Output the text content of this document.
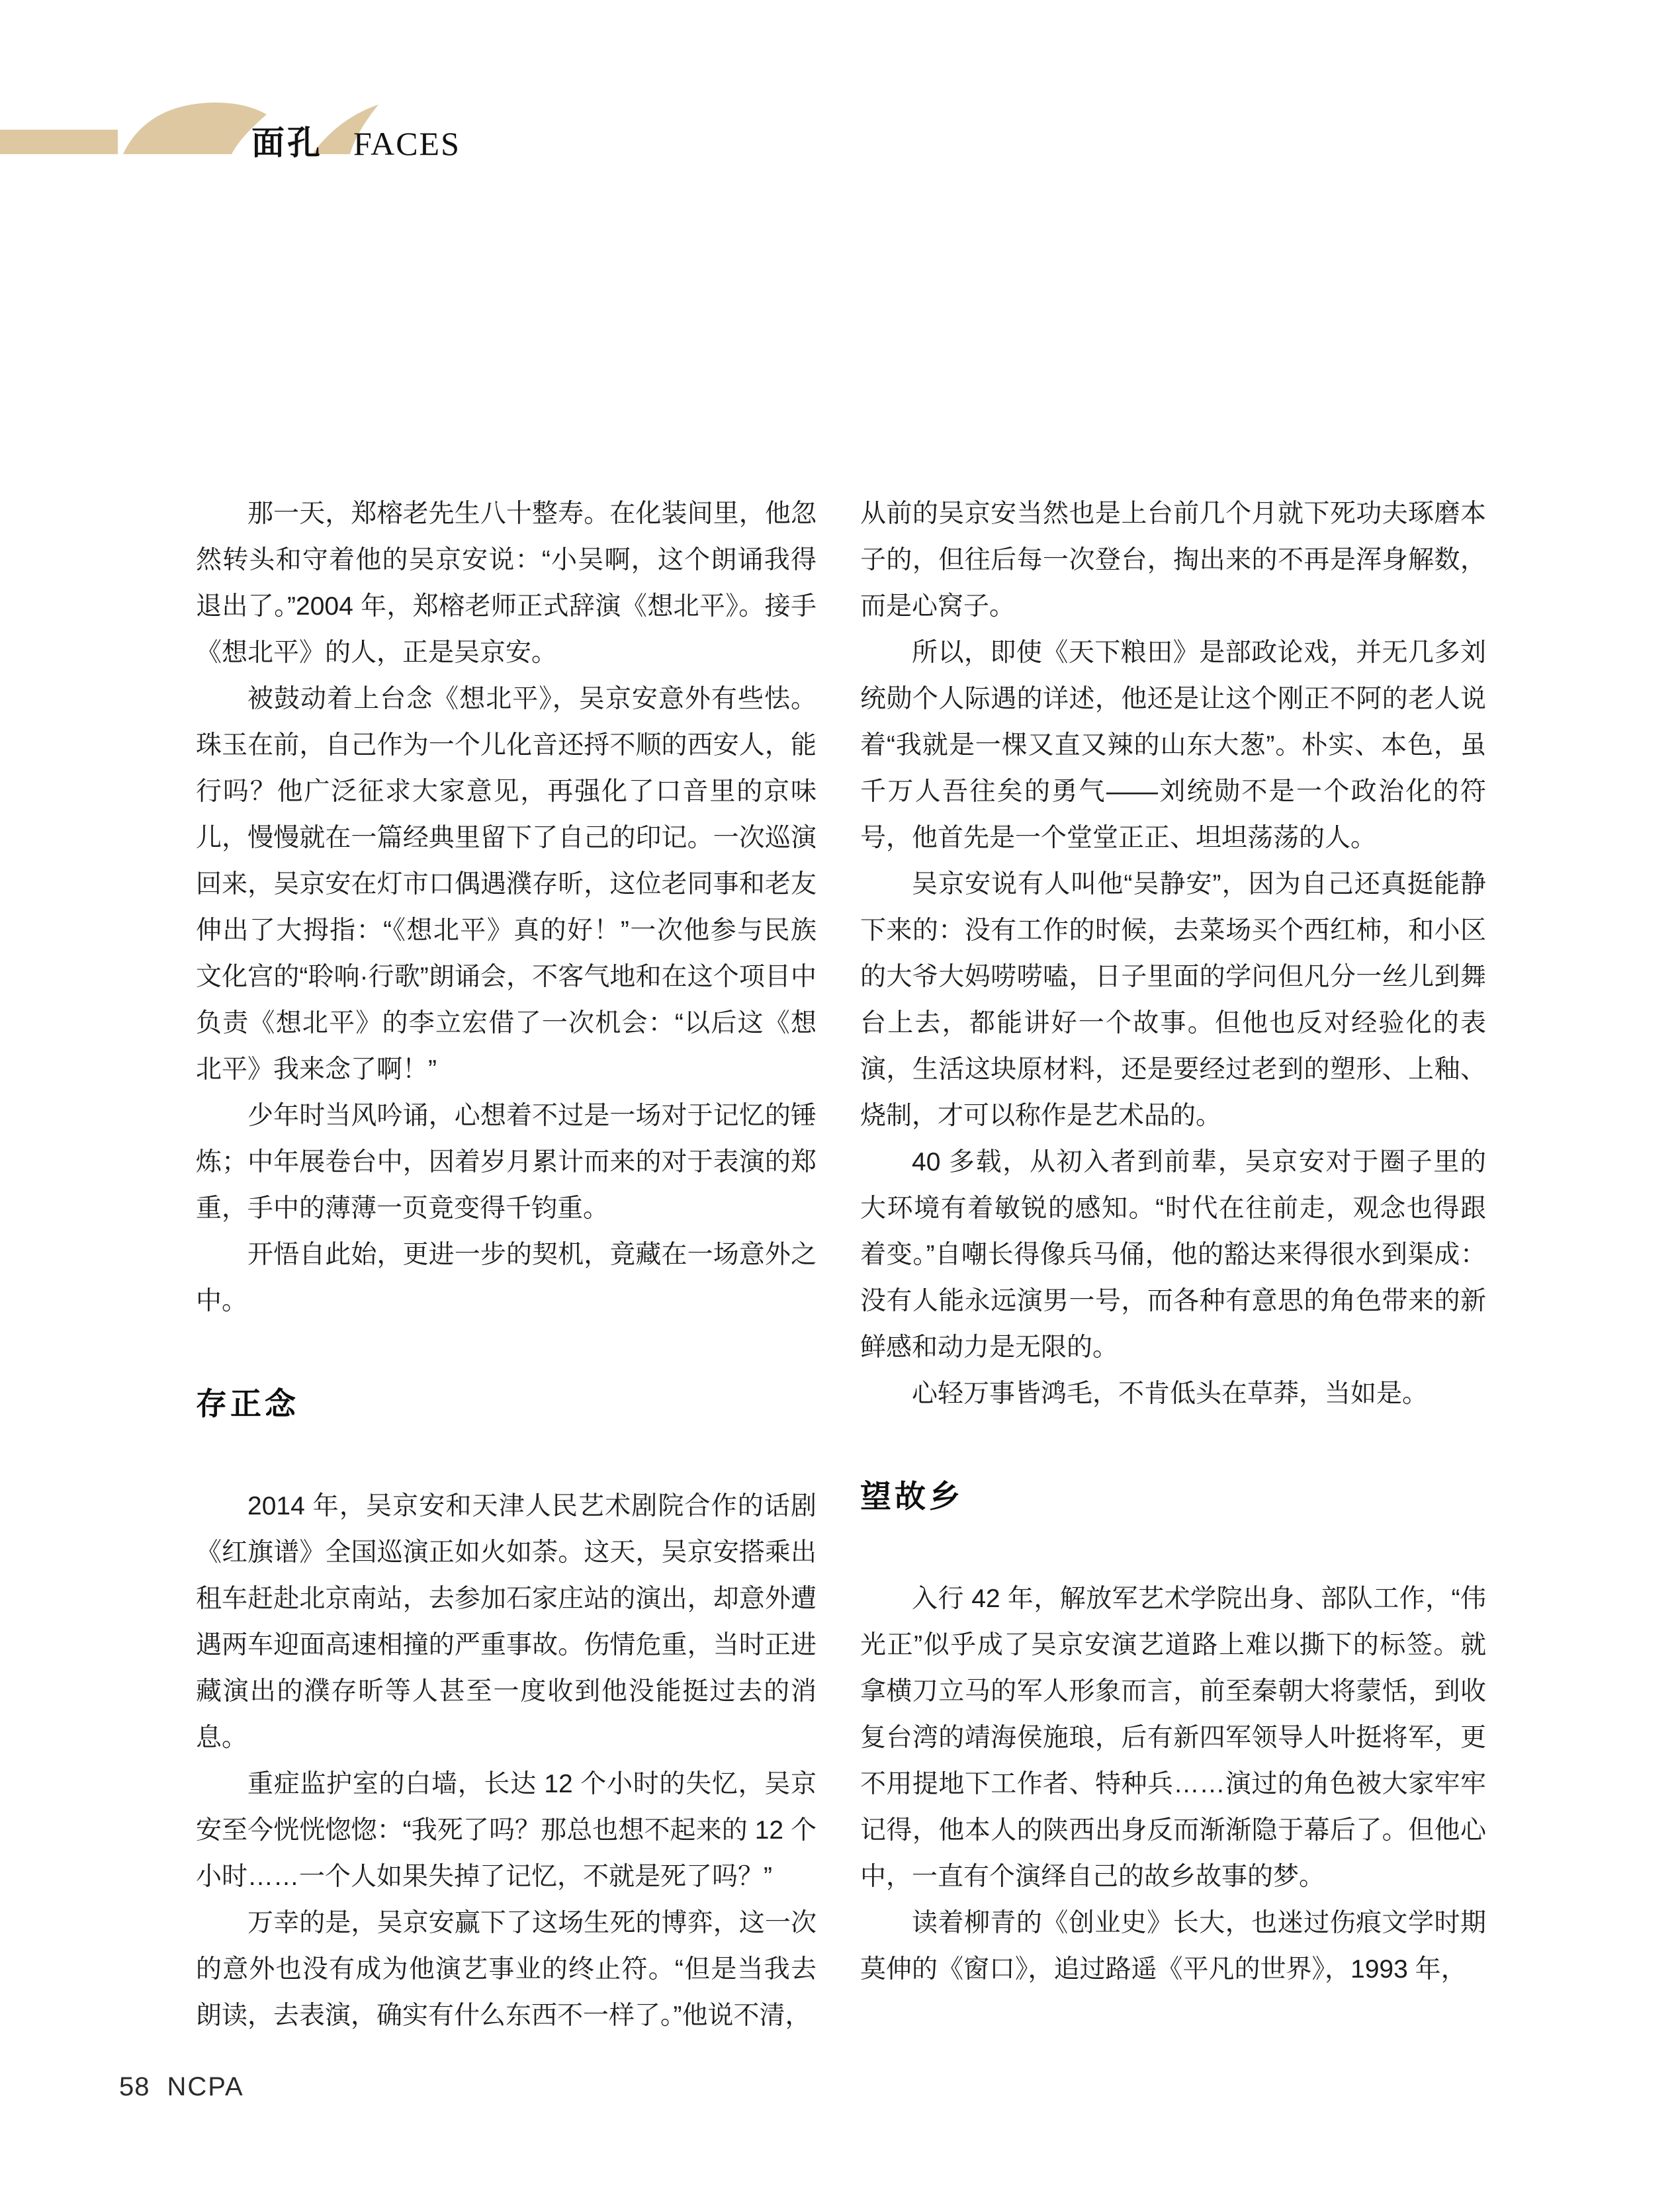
面孔 FACES

那一天，郑榕老先生八十整寿。在化装间里，他忽然转头和守着他的吴京安说：“小吴啊，这个朗诵我得退出了。”2004 年，郑榕老师正式辞演《想北平》。接手《想北平》的人，正是吴京安。

被鼓动着上台念《想北平》，吴京安意外有些怯。珠玉在前，自己作为一个儿化音还捋不顺的西安人，能行吗？他广泛征求大家意见，再强化了口音里的京味儿，慢慢就在一篇经典里留下了自己的印记。一次巡演回来，吴京安在灯市口偶遇濮存昕，这位老同事和老友伸出了大拇指：“《想北平》真的好！”一次他参与民族文化宫的“聆响·行歌”朗诵会，不客气地和在这个项目中负责《想北平》的李立宏借了一次机会：“以后这《想北平》我来念了啊！”

少年时当风吟诵，心想着不过是一场对于记忆的锤炼；中年展卷台中，因着岁月累计而来的对于表演的郑重，手中的薄薄一页竟变得千钧重。

开悟自此始，更进一步的契机，竟藏在一场意外之中。

存正念

2014 年，吴京安和天津人民艺术剧院合作的话剧《红旗谱》全国巡演正如火如荼。这天，吴京安搭乘出租车赶赴北京南站，去参加石家庄站的演出，却意外遭遇两车迎面高速相撞的严重事故。伤情危重，当时正进藏演出的濮存昕等人甚至一度收到他没能挺过去的消息。

重症监护室的白墙，长达 12 个小时的失忆，吴京安至今恍恍惚惚：“我死了吗？那总也想不起来的 12 个小时……一个人如果失掉了记忆，不就是死了吗？”

万幸的是，吴京安赢下了这场生死的博弈，这一次的意外也没有成为他演艺事业的终止符。“但是当我去朗读，去表演，确实有什么东西不一样了。”他说不清，

从前的吴京安当然也是上台前几个月就下死功夫琢磨本子的，但往后每一次登台，掏出来的不再是浑身解数，而是心窝子。

所以，即使《天下粮田》是部政论戏，并无几多刘统勋个人际遇的详述，他还是让这个刚正不阿的老人说着“我就是一棵又直又辣的山东大葱”。朴实、本色，虽千万人吾往矣的勇气——刘统勋不是一个政治化的符号，他首先是一个堂堂正正、坦坦荡荡的人。

吴京安说有人叫他“吴静安”，因为自己还真挺能静下来的：没有工作的时候，去菜场买个西红柿，和小区的大爷大妈唠唠嗑，日子里面的学问但凡分一丝儿到舞台上去，都能讲好一个故事。但他也反对经验化的表演，生活这块原材料，还是要经过老到的塑形、上釉、烧制，才可以称作是艺术品的。

40 多载，从初入者到前辈，吴京安对于圈子里的大环境有着敏锐的感知。“时代在往前走，观念也得跟着变。”自嘲长得像兵马俑，他的豁达来得很水到渠成：没有人能永远演男一号，而各种有意思的角色带来的新鲜感和动力是无限的。

心轻万事皆鸿毛，不肯低头在草莽，当如是。

望故乡

入行 42 年，解放军艺术学院出身、部队工作，“伟光正”似乎成了吴京安演艺道路上难以撕下的标签。就拿横刀立马的军人形象而言，前至秦朝大将蒙恬，到收复台湾的靖海侯施琅，后有新四军领导人叶挺将军，更不用提地下工作者、特种兵……演过的角色被大家牢牢记得，他本人的陕西出身反而渐渐隐于幕后了。但他心中，一直有个演绎自己的故乡故事的梦。

读着柳青的《创业史》长大，也迷过伤痕文学时期莫伸的《窗口》，追过路遥《平凡的世界》，1993 年，

58 NCPA
